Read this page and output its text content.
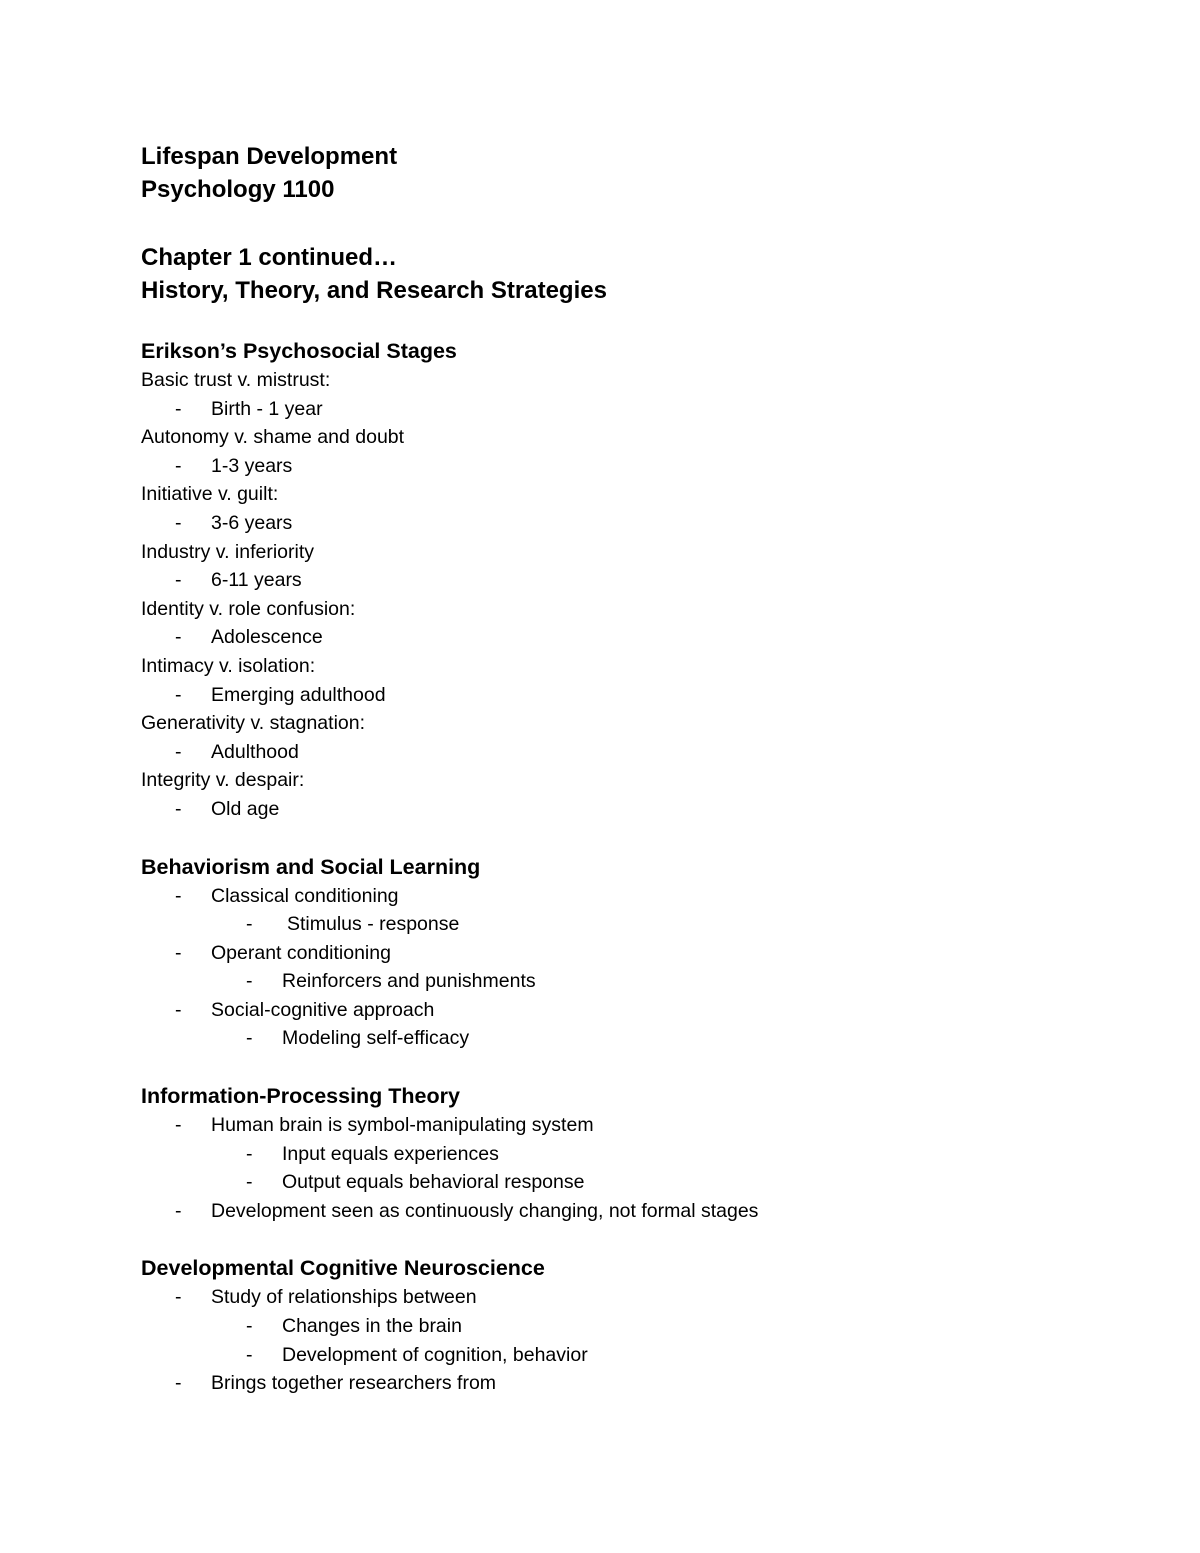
Lifespan Development
Psychology 1100
Chapter 1 continued…
History, Theory, and Research Strategies
Erikson’s Psychosocial Stages
Basic trust v. mistrust:
- Birth - 1 year
Autonomy v. shame and doubt
- 1-3 years
Initiative v. guilt:
- 3-6 years
Industry v. inferiority
- 6-11 years
Identity v. role confusion:
- Adolescence
Intimacy v. isolation:
- Emerging adulthood
Generativity v. stagnation:
- Adulthood
Integrity v. despair:
- Old age
Behaviorism and Social Learning
- Classical conditioning
- Stimulus - response
- Operant conditioning
- Reinforcers and punishments
- Social-cognitive approach
- Modeling self-efficacy
Information-Processing Theory
- Human brain is symbol-manipulating system
- Input equals experiences
- Output equals behavioral response
- Development seen as continuously changing, not formal stages
Developmental Cognitive Neuroscience
- Study of relationships between
- Changes in the brain
- Development of cognition, behavior
- Brings together researchers from
